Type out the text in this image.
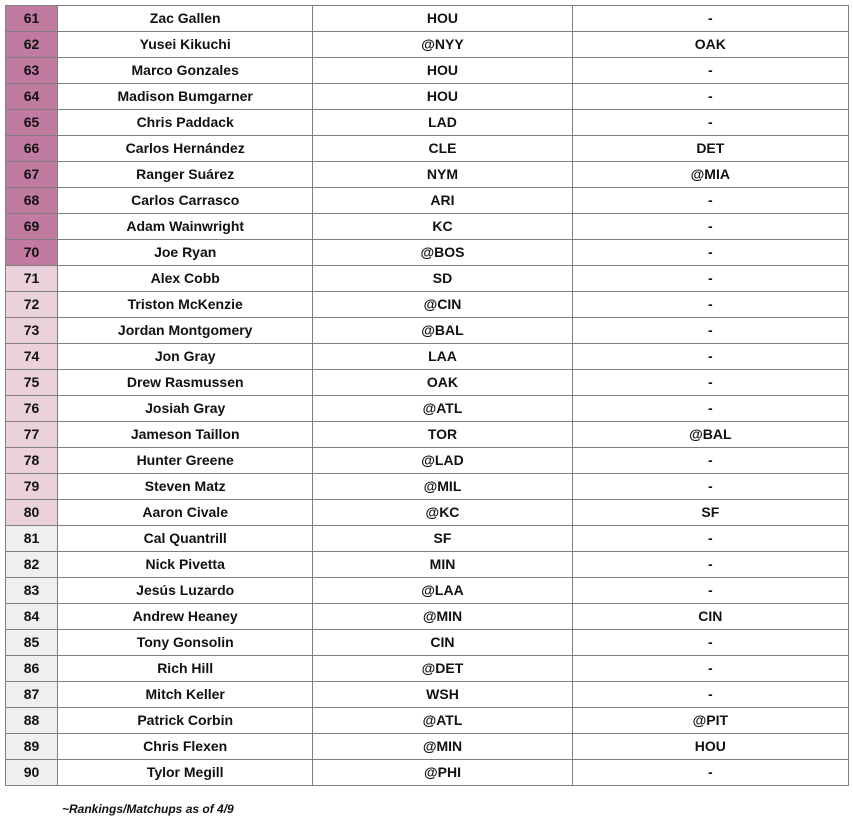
61	Zac Gallen	HOU	-
62	Yusei Kikuchi	@NYY	OAK
63	Marco Gonzales	HOU	-
64	Madison Bumgarner	HOU	-
65	Chris Paddack	LAD	-
66	Carlos Hernández	CLE	DET
67	Ranger Suárez	NYM	@MIA
68	Carlos Carrasco	ARI	-
69	Adam Wainwright	KC	-
70	Joe Ryan	@BOS	-
71	Alex Cobb	SD	-
72	Triston McKenzie	@CIN	-
73	Jordan Montgomery	@BAL	-
74	Jon Gray	LAA	-
75	Drew Rasmussen	OAK	-
76	Josiah Gray	@ATL	-
77	Jameson Taillon	TOR	@BAL
78	Hunter Greene	@LAD	-
79	Steven Matz	@MIL	-
80	Aaron Civale	@KC	SF
81	Cal Quantrill	SF	-
82	Nick Pivetta	MIN	-
83	Jesús Luzardo	@LAA	-
84	Andrew Heaney	@MIN	CIN
85	Tony Gonsolin	CIN	-
86	Rich Hill	@DET	-
87	Mitch Keller	WSH	-
88	Patrick Corbin	@ATL	@PIT
89	Chris Flexen	@MIN	HOU
90	Tylor Megill	@PHI	-
~Rankings/Matchups as of 4/9
